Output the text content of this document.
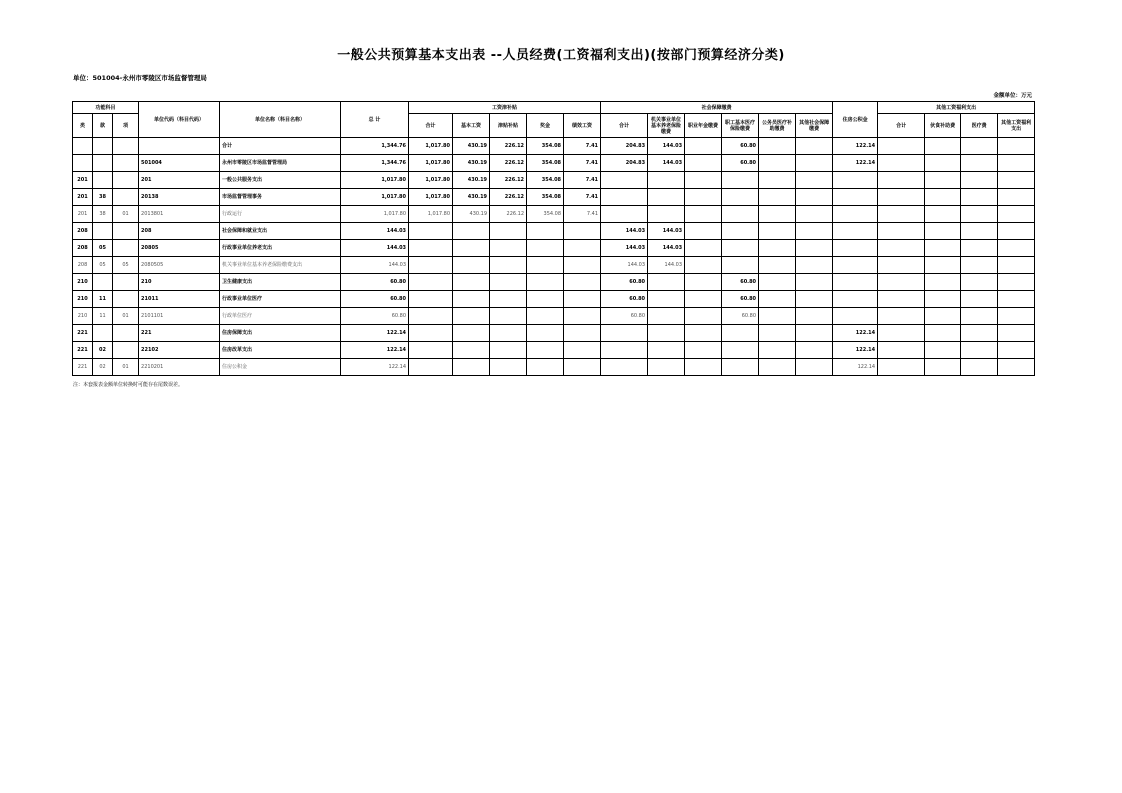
一般公共预算基本支出表 --人员经费(工资福利支出)(按部门预算经济分类)
单位：501004-永州市零陵区市场监督管理局
金额单位：万元
功能科目			单位代码（科目代码）	单位名称（科目名称）	总 计	工资津补贴					社会保障缴费						住房公积金	其他工资福利支出			
类	款	项				合计	基本工资	津贴补贴	奖金	绩效工资	合计	机关事业单位基本养老保险缴费	职业年金缴费	职工基本医疗保险缴费	公务员医疗补助缴费	其他社会保障缴费		合计	伙食补助费	医疗费	其他工资福利支出
				合计	1,344.76	1,017.80	430.19	226.12	354.08	7.41	204.83	144.03		60.80			122.14				
			501004	永州市零陵区市场监督管理局	1,344.76	1,017.80	430.19	226.12	354.08	7.41	204.83	144.03		60.80			122.14				
201			201	一般公共服务支出	1,017.80	1,017.80	430.19	226.12	354.08	7.41											
201	38		20138	市场监督管理事务	1,017.80	1,017.80	430.19	226.12	354.08	7.41											
201	38	01	2013801	行政运行	1,017.80	1,017.80	430.19	226.12	354.08	7.41											
208			208	社会保障和就业支出	144.03						144.03	144.03									
208	05		20805	行政事业单位养老支出	144.03						144.03	144.03									
208	05	05	2080505	机关事业单位基本养老保险缴费支出	144.03						144.03	144.03									
210			210	卫生健康支出	60.80						60.80			60.80							
210	11		21011	行政事业单位医疗	60.80						60.80			60.80							
210	11	01	2101101	行政单位医疗	60.80						60.80			60.80							
221			221	住房保障支出	122.14												122.14				
221	02		22102	住房改革支出	122.14												122.14				
221	02	01	2210201	住房公积金	122.14												122.14				
注：本套报表金额单位转换时可能存在尾数误差。
